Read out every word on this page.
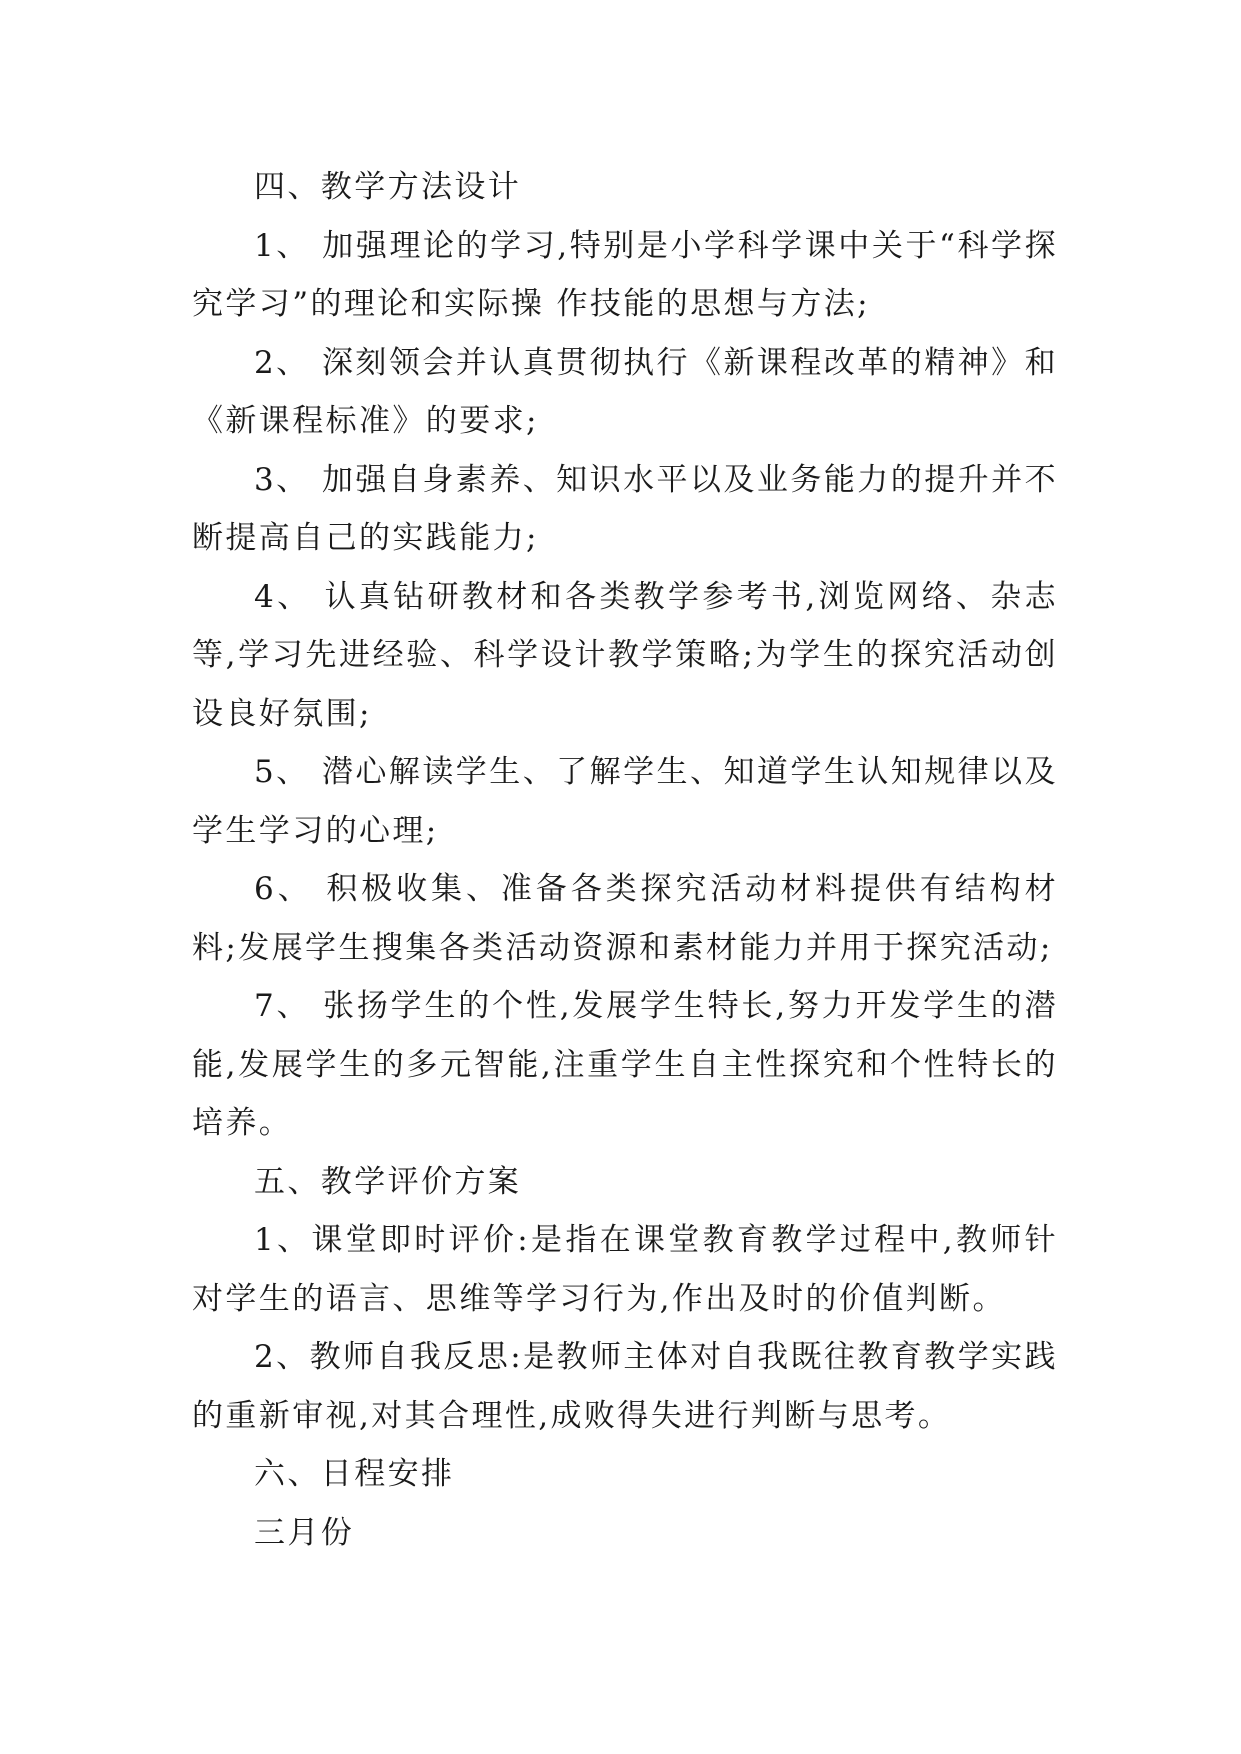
四、教学方法设计

1、 加强理论的学习,特别是小学科学课中关于“科学探究学习”的理论和实际操 作技能的思想与方法;

2、 深刻领会并认真贯彻执行《新课程改革的精神》和《新课程标准》的要求;

3、 加强自身素养、知识水平以及业务能力的提升并不断提高自己的实践能力;

4、 认真钻研教材和各类教学参考书,浏览网络、杂志等,学习先进经验、科学设计教学策略;为学生的探究活动创设良好氛围;

5、 潜心解读学生、了解学生、知道学生认知规律以及学生学习的心理;

6、 积极收集、准备各类探究活动材料提供有结构材料;发展学生搜集各类活动资源和素材能力并用于探究活动;

7、 张扬学生的个性,发展学生特长,努力开发学生的潜能,发展学生的多元智能,注重学生自主性探究和个性特长的培养。

五、教学评价方案

1、课堂即时评价:是指在课堂教育教学过程中,教师针对学生的语言、思维等学习行为,作出及时的价值判断。

2、教师自我反思:是教师主体对自我既往教育教学实践的重新审视,对其合理性,成败得失进行判断与思考。

六、日程安排

三月份
